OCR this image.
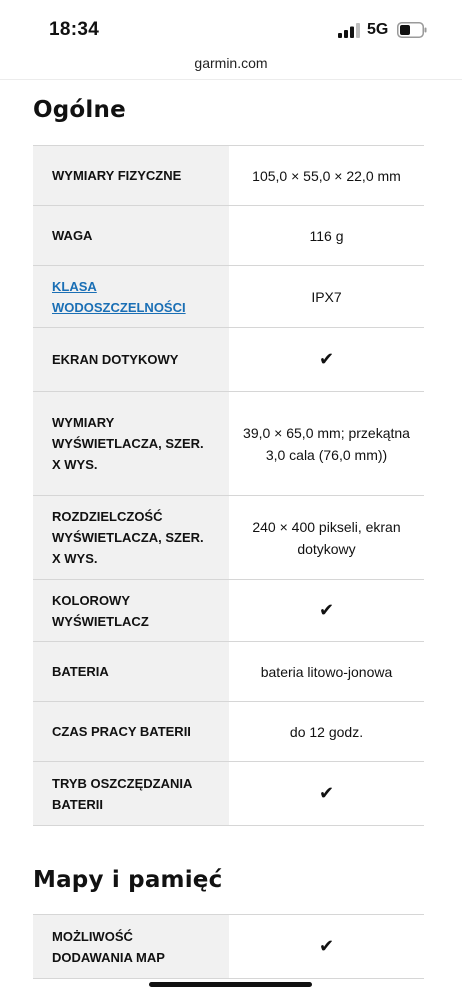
18:34	5G
garmin.com
Ogólne
WYMIARY FIZYCZNE	105,0 × 55,0 × 22,0 mm
WAGA	116 g
KLASA WODOSZCZELNOŚCI	IPX7
EKRAN DOTYKOWY	✔
WYMIARY WYŚWIETLACZA, SZER. X WYS.	39,0 × 65,0 mm; przekątna 3,0 cala (76,0 mm))
ROZDZIELCZOŚĆ WYŚWIETLACZA, SZER. X WYS.	240 × 400 pikseli, ekran dotykowy
KOLOROWY WYŚWIETLACZ	✔
BATERIA	bateria litowo-jonowa
CZAS PRACY BATERII	do 12 godz.
TRYB OSZCZĘDZANIA BATERII	✔
Mapy i pamięć
MOŻLIWOŚĆ DODAWANIA MAP	✔
